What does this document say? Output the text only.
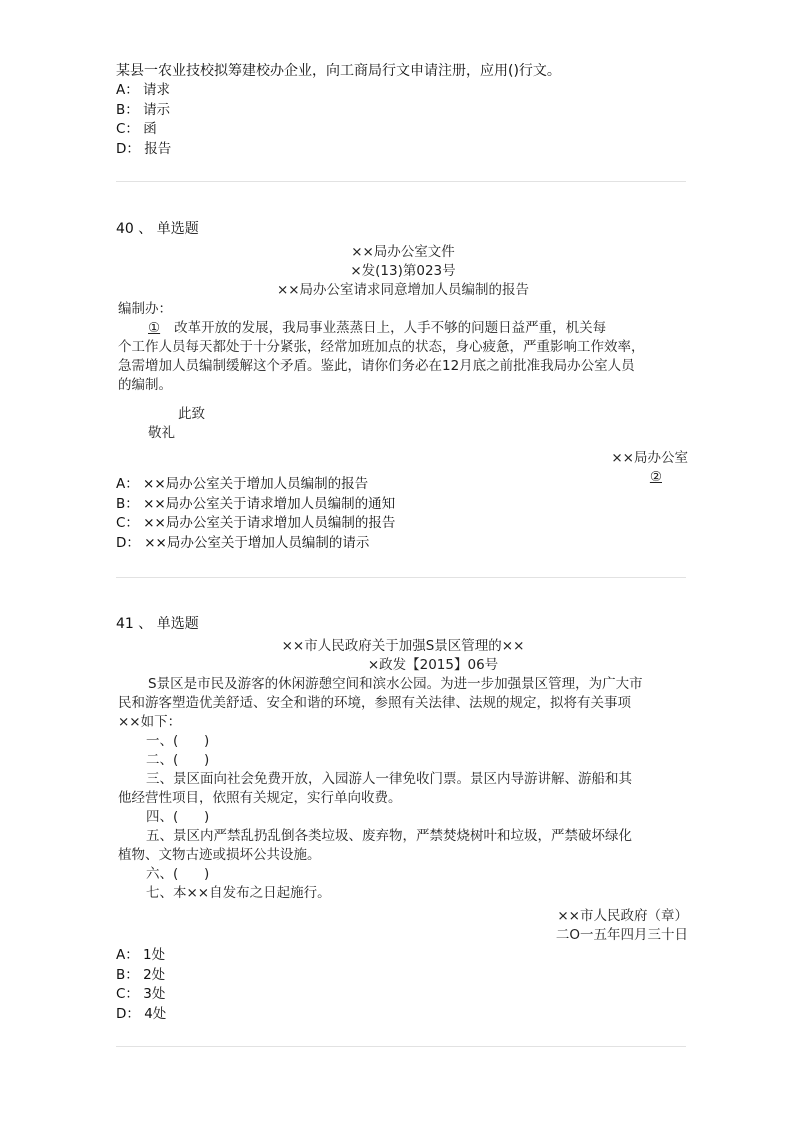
某县一农业技校拟筹建校办企业，向工商局行文申请注册，应用()行文。
A： 请求
B： 请示
C： 函
D： 报告
40 、 单选题
××局办公室文件
×发(13)第023号
××局办公室请求同意增加人员编制的报告
编制办：
① 改革开放的发展，我局事业蒸蒸日上，人手不够的问题日益严重，机关每
个工作人员每天都处于十分紧张，经常加班加点的状态，身心疲惫，严重影响工作效率，
急需增加人员编制缓解这个矛盾。鉴此，请你们务必在12月底之前批准我局办公室人员
的编制。
此致
敬礼
××局办公室
②
A： ××局办公室关于增加人员编制的报告
B： ××局办公室关于请求增加人员编制的通知
C： ××局办公室关于请求增加人员编制的报告
D： ××局办公室关于增加人员编制的请示
41 、 单选题
××市人民政府关于加强S景区管理的××
×政发【2015】06号
S景区是市民及游客的休闲游憩空间和滨水公园。为进一步加强景区管理，为广大市
民和游客塑造优美舒适、安全和谐的环境，参照有关法律、法规的规定，拟将有关事项
××如下：
一、(      )
二、(      )
三、景区面向社会免费开放，入园游人一律免收门票。景区内导游讲解、游船和其
他经营性项目，依照有关规定，实行单向收费。
四、(      )
五、景区内严禁乱扔乱倒各类垃圾、废弃物，严禁焚烧树叶和垃圾，严禁破坏绿化
植物、文物古迹或损坏公共设施。
六、(      )
七、本××自发布之日起施行。
××市人民政府（章）
二O一五年四月三十日
A： 1处
B： 2处
C： 3处
D： 4处
